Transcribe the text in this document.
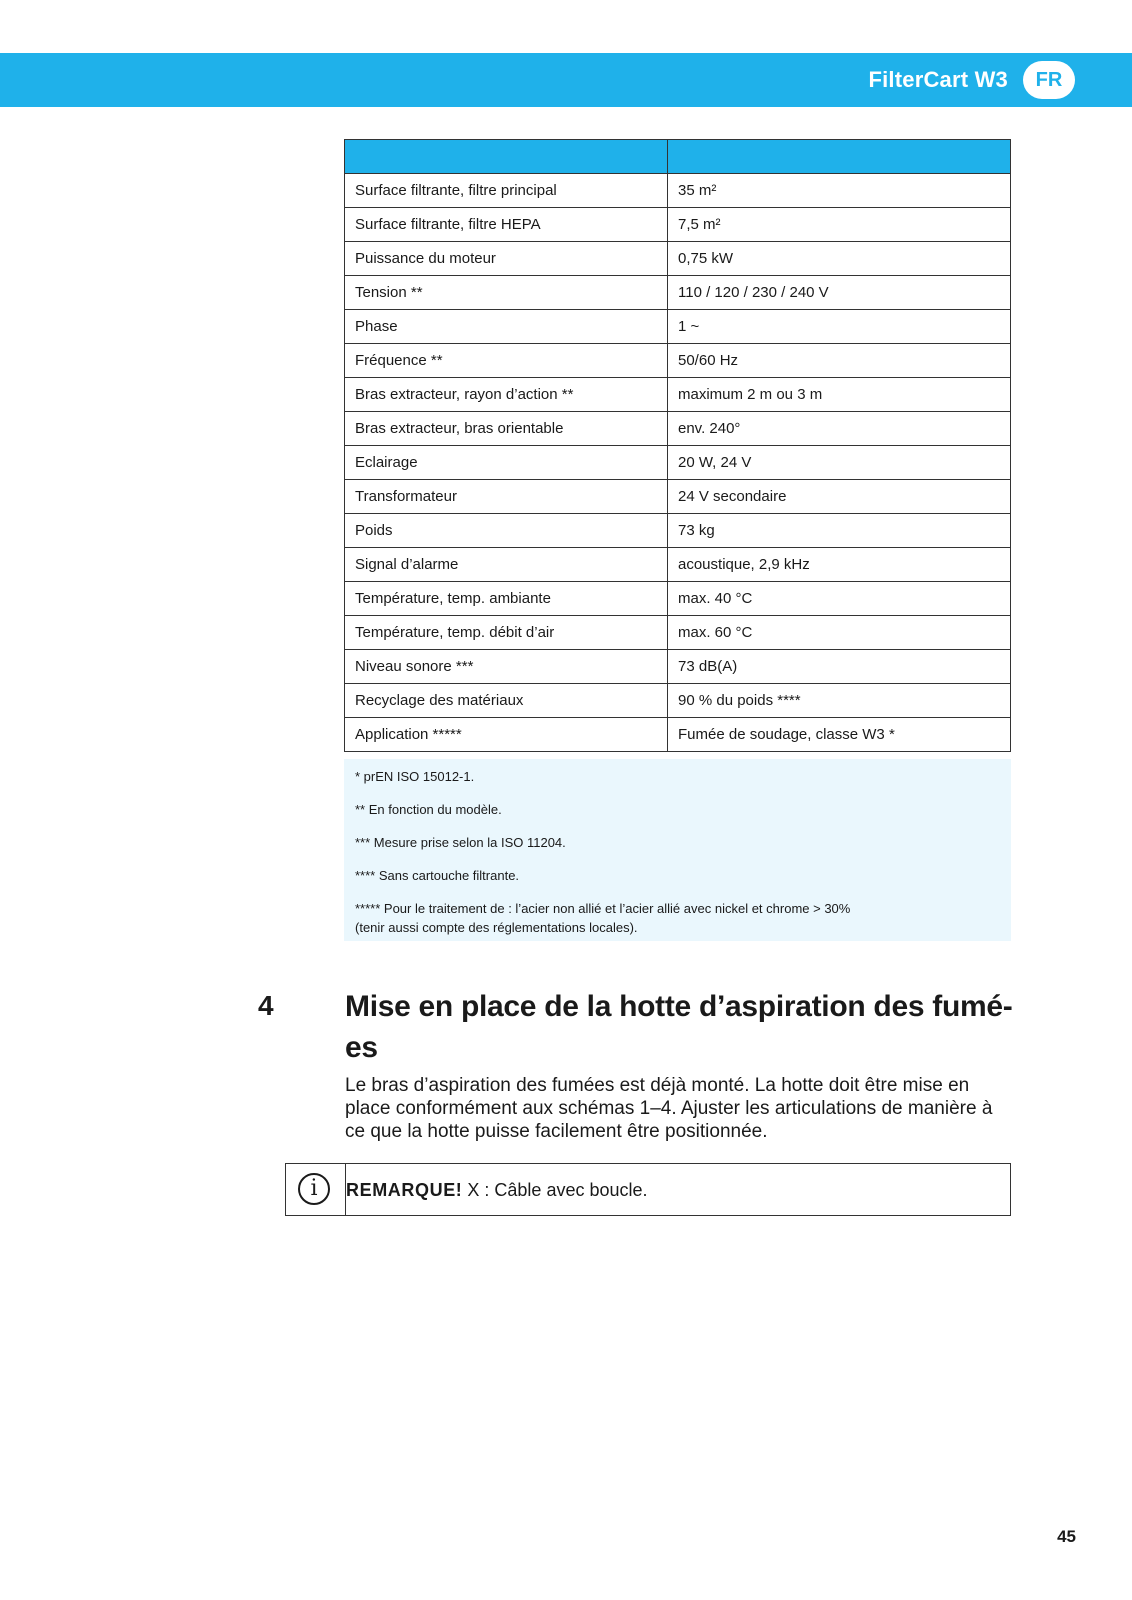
FilterCart W3	FR

Surface filtrante, filtre principal	35 m²
Surface filtrante, filtre HEPA	7,5 m²
Puissance du moteur	0,75 kW
Tension **	110 / 120 / 230 / 240 V
Phase	1 ~
Fréquence **	50/60 Hz
Bras extracteur, rayon d’action **	maximum 2 m ou 3 m
Bras extracteur, bras orientable	env. 240°
Eclairage	20 W, 24 V
Transformateur	24 V secondaire
Poids	73 kg
Signal d’alarme	acoustique, 2,9 kHz
Température, temp. ambiante	max. 40 °C
Température, temp. débit d’air	max. 60 °C
Niveau sonore ***	73 dB(A)
Recyclage des matériaux	90 % du poids ****
Application *****	Fumée de soudage, classe W3 *

* prEN ISO 15012-1.

** En fonction du modèle.

*** Mesure prise selon la ISO 11204.

**** Sans cartouche filtrante.

***** Pour le traitement de : l’acier non allié et l’acier allié avec nickel et chrome > 30%
(tenir aussi compte des réglementations locales).

4 Mise en place de la hotte d’aspiration des fumé-
es

Le bras d’aspiration des fumées est déjà monté. La hotte doit être mise en place conformément aux schémas 1–4. Ajuster les articulations de manière à ce que la hotte puisse facilement être positionnée.

i	REMARQUE! X : Câble avec boucle.
45
